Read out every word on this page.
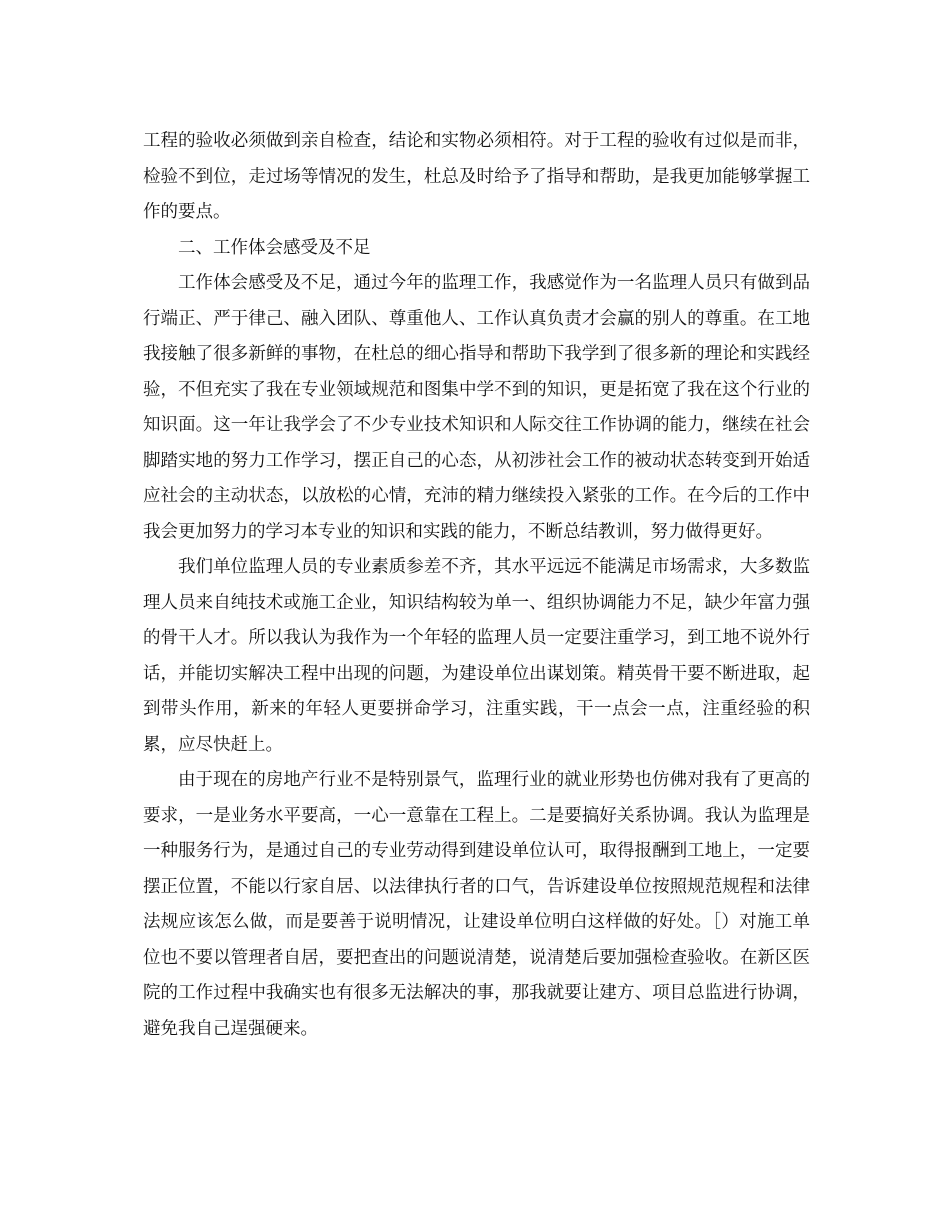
工程的验收必须做到亲自检查，结论和实物必须相符。对于工程的验收有过似是而非，检验不到位，走过场等情况的发生，杜总及时给予了指导和帮助，是我更加能够掌握工作的要点。

二、工作体会感受及不足

工作体会感受及不足，通过今年的监理工作，我感觉作为一名监理人员只有做到品行端正、严于律己、融入团队、尊重他人、工作认真负责才会赢的别人的尊重。在工地我接触了很多新鲜的事物，在杜总的细心指导和帮助下我学到了很多新的理论和实践经验，不但充实了我在专业领域规范和图集中学不到的知识，更是拓宽了我在这个行业的知识面。这一年让我学会了不少专业技术知识和人际交往工作协调的能力，继续在社会脚踏实地的努力工作学习，摆正自己的心态，从初涉社会工作的被动状态转变到开始适应社会的主动状态，以放松的心情，充沛的精力继续投入紧张的工作。在今后的工作中我会更加努力的学习本专业的知识和实践的能力，不断总结教训，努力做得更好。

我们单位监理人员的专业素质参差不齐，其水平远远不能满足市场需求，大多数监理人员来自纯技术或施工企业，知识结构较为单一、组织协调能力不足，缺少年富力强的骨干人才。所以我认为我作为一个年轻的监理人员一定要注重学习，到工地不说外行话，并能切实解决工程中出现的问题，为建设单位出谋划策。精英骨干要不断进取，起到带头作用，新来的年轻人更要拼命学习，注重实践，干一点会一点，注重经验的积累，应尽快赶上。

由于现在的房地产行业不是特别景气，监理行业的就业形势也仿佛对我有了更高的要求，一是业务水平要高，一心一意靠在工程上。二是要搞好关系协调。我认为监理是一种服务行为，是通过自己的专业劳动得到建设单位认可，取得报酬到工地上，一定要摆正位置，不能以行家自居、以法律执行者的口气，告诉建设单位按照规范规程和法律法规应该怎么做，而是要善于说明情况，让建设单位明白这样做的好处。［）对施工单位也不要以管理者自居，要把查出的问题说清楚，说清楚后要加强检查验收。在新区医院的工作过程中我确实也有很多无法解决的事，那我就要让建方、项目总监进行协调，避免我自己逞强硬来。
